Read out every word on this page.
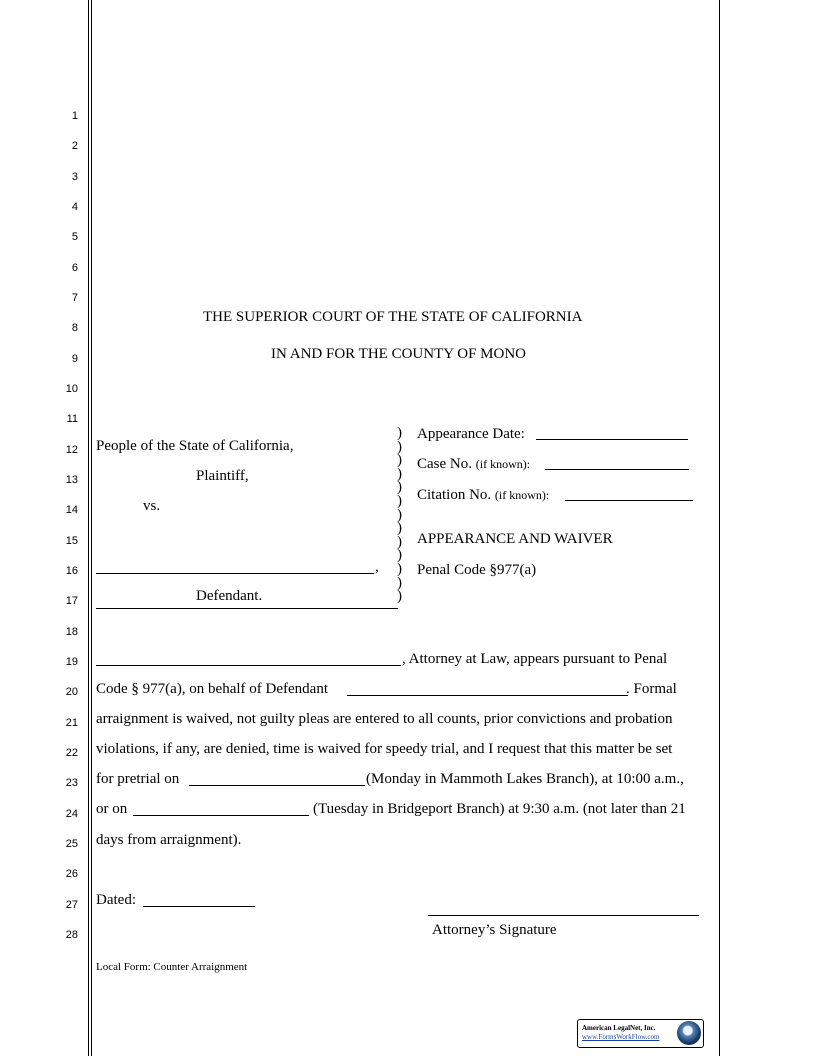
1
2
3
4
5
6
7
8
9
10
11
12
13
14
15
16
17
18
19
20
21
22
23
24
25
26
27
28
THE SUPERIOR COURT OF THE STATE OF CALIFORNIA
IN AND FOR THE COUNTY OF MONO
People of the State of California,
Plaintiff,
vs.
,
Defendant.
)
)
)
)
)
)
)
)
)
)
)
)
)
Appearance Date:
Case No. (if known):
Citation No. (if known):
APPEARANCE AND WAIVER
Penal Code §977(a)
, Attorney at Law, appears pursuant to Penal
Code § 977(a), on behalf of Defendant	. Formal
arraignment is waived, not guilty pleas are entered to all counts, prior convictions and probation
violations, if any, are denied, time is waived for speedy trial, and I request that this matter be set
for pretrial on	(Monday in Mammoth Lakes Branch), at 10:00 a.m.,
or on	(Tuesday in Bridgeport Branch) at 9:30 a.m. (not later than 21
days from arraignment).
Dated:
Attorney’s Signature
Local Form: Counter Arraignment
American LegalNet, Inc.
www.FormsWorkFlow.com
